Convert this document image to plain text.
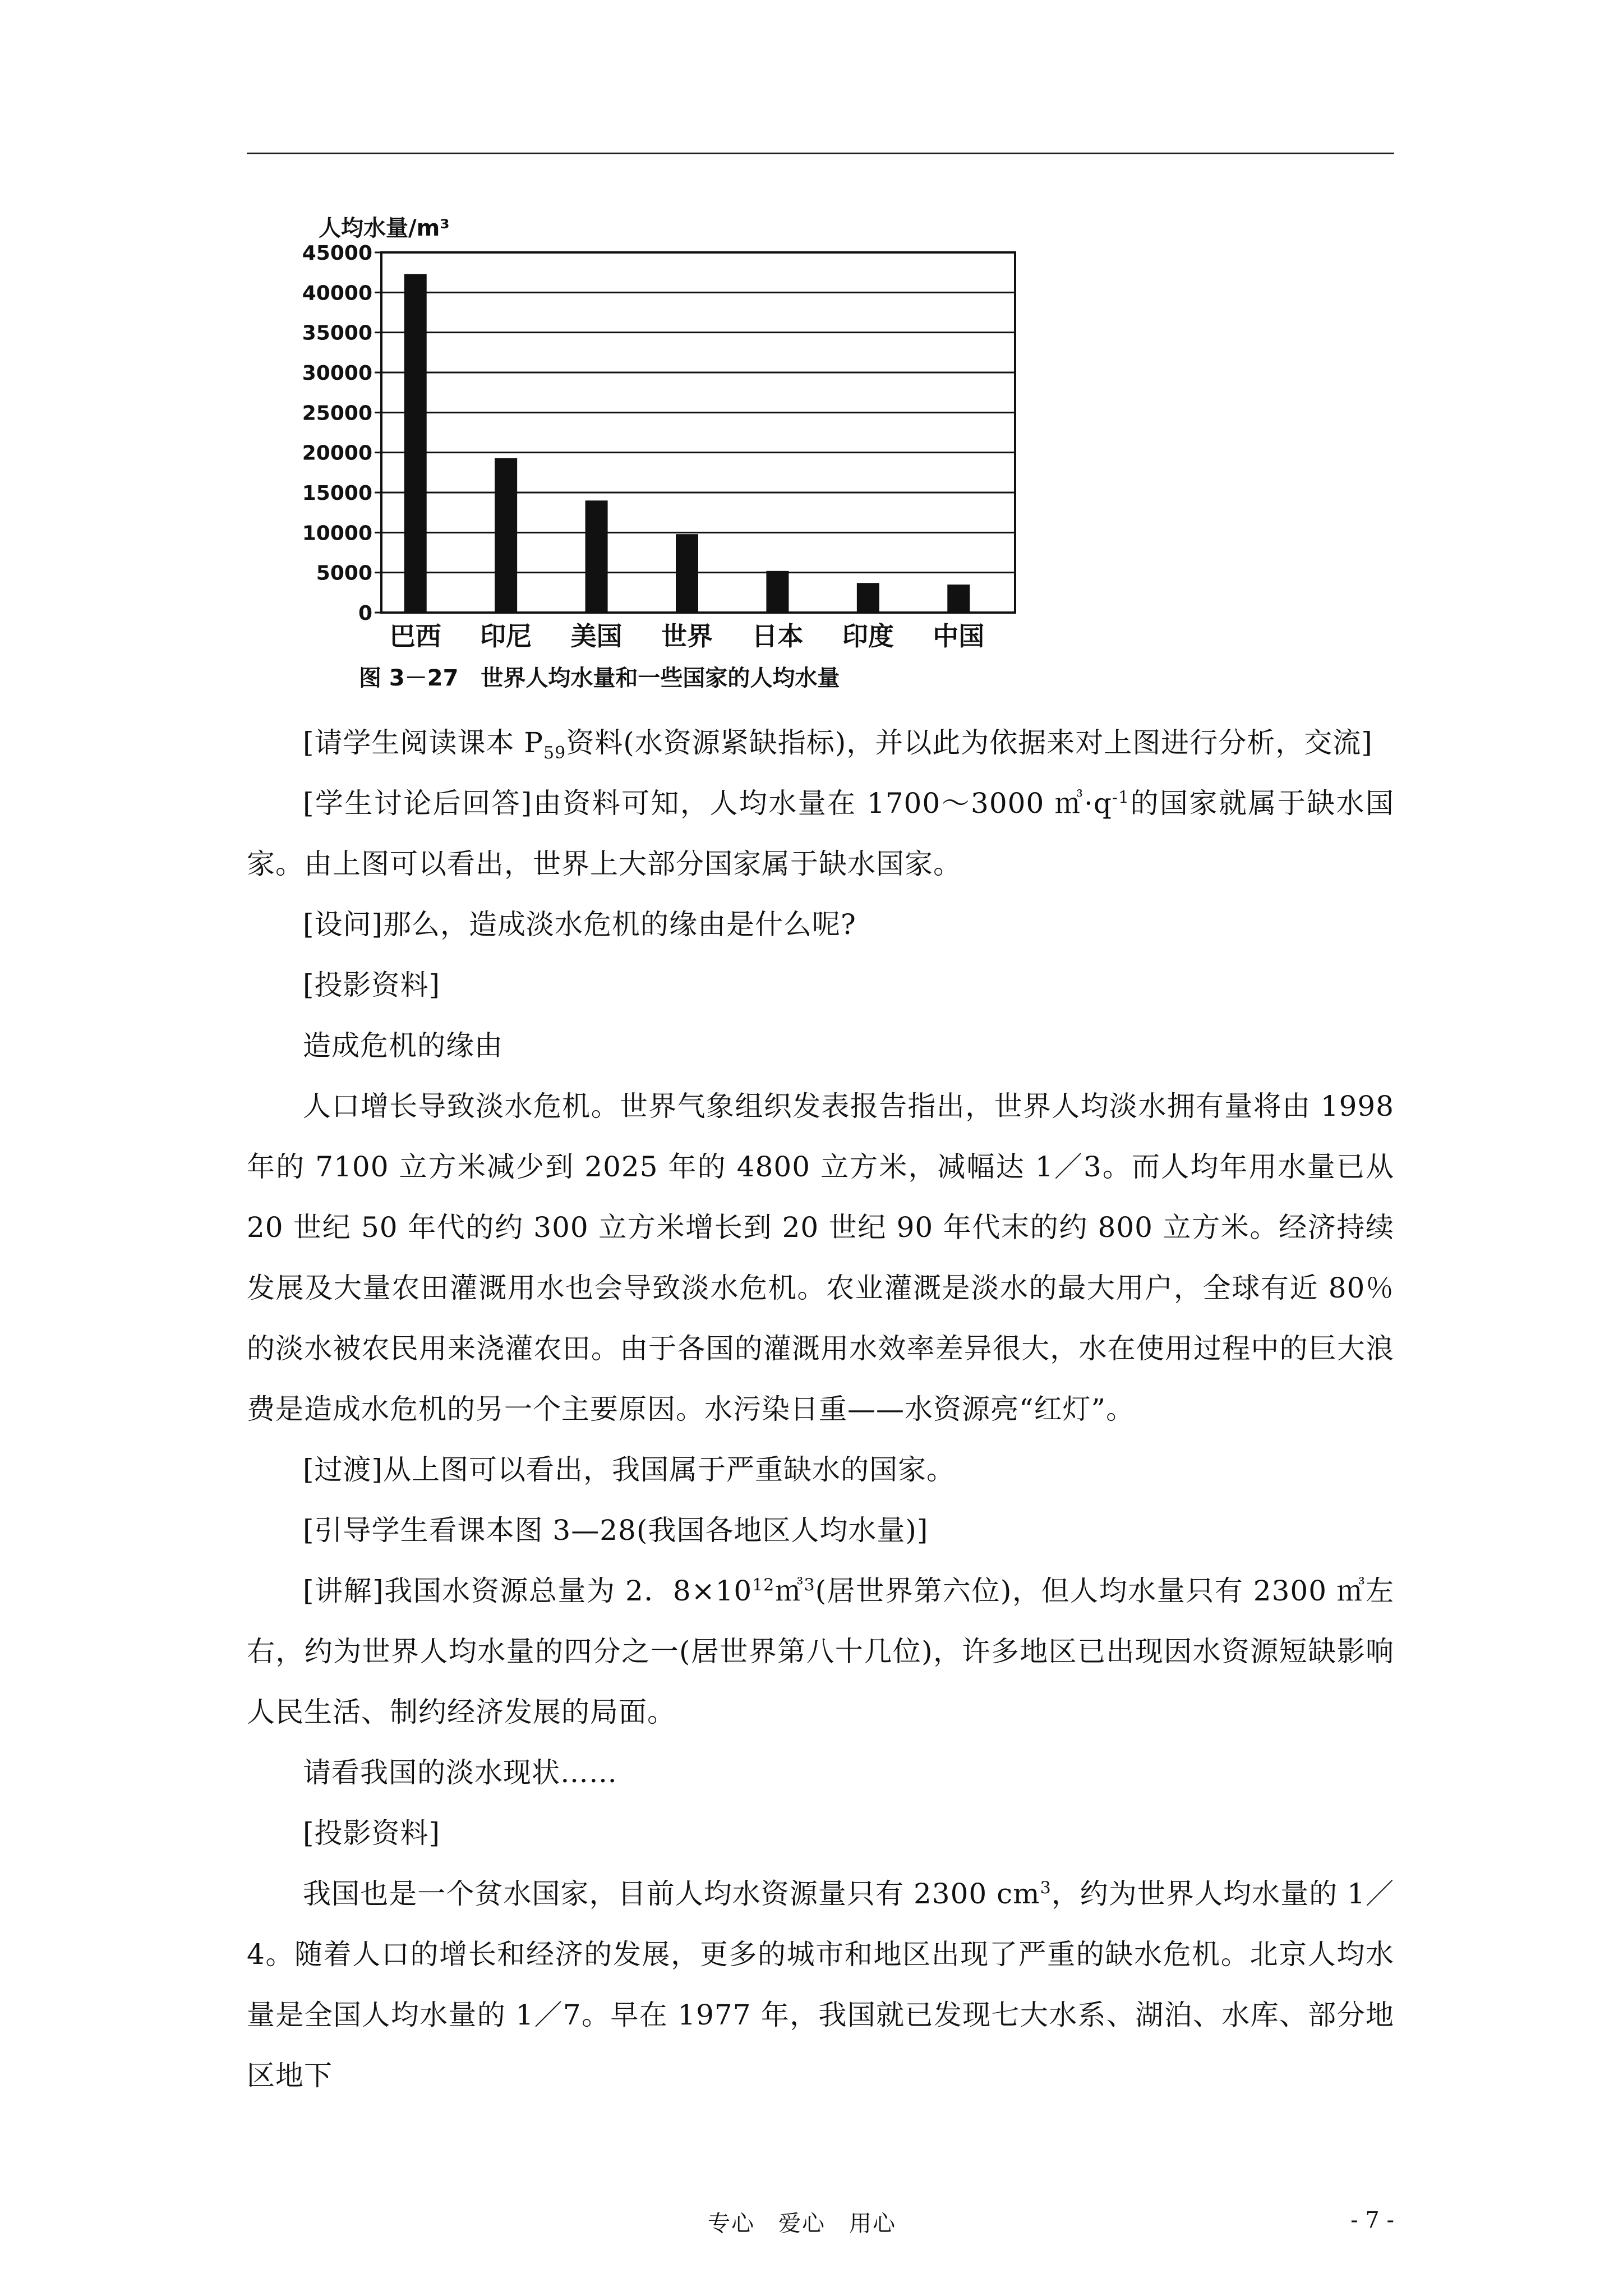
人均水量/m³
0
5000
10000
15000
20000
25000
30000
35000
40000
45000
巴西 印尼 美国 世界 日本 印度 中国
图 3－27　世界人均水量和一些国家的人均水量

[请学生阅读课本 $P_{59}$资料(水资源紧缺指标)，并以此为依据来对上图进行分析，交流]

[学生讨论后回答]由资料可知，人均水量在 1700～3000 $㎥\cdot q^{-1}$的国家就属于缺水国家。由上图可以看出，世界上大部分国家属于缺水国家。

[设问]那么，造成淡水危机的缘由是什么呢?

[投影资料]

造成危机的缘由

人口增长导致淡水危机。世界气象组织发表报告指出，世界人均淡水拥有量将由 1998 年的 7100 立方米减少到 2025 年的 4800 立方米，减幅达 1／3。而人均年用水量已从 20 世纪 50 年代的约 300 立方米增长到 20 世纪 90 年代末的约 800 立方米。经济持续发展及大量农田灌溉用水也会导致淡水危机。农业灌溉是淡水的最大用户，全球有近 80％的淡水被农民用来浇灌农田。由于各国的灌溉用水效率差异很大，水在使用过程中的巨大浪费是造成水危机的另一个主要原因。水污染日重——水资源亮“红灯”。

[过渡]从上图可以看出，我国属于严重缺水的国家。

[引导学生看课本图 3—28(我国各地区人均水量)]

[讲解]我国水资源总量为 2．$8\times 10^{12}㎥^3$(居世界第六位)，但人均水量只有 2300 ㎥左右，约为世界人均水量的四分之一(居世界第八十几位)，许多地区已出现因水资源短缺影响人民生活、制约经济发展的局面。

请看我国的淡水现状……

[投影资料]

我国也是一个贫水国家，目前人均水资源量只有 2300 $cm^3$，约为世界人均水量的 1／4。随着人口的增长和经济的发展，更多的城市和地区出现了严重的缺水危机。北京人均水量是全国人均水量的 1／7。早在 1977 年，我国就已发现七大水系、湖泊、水库、部分地区地下

专心　爱心　用心	- 7 -
